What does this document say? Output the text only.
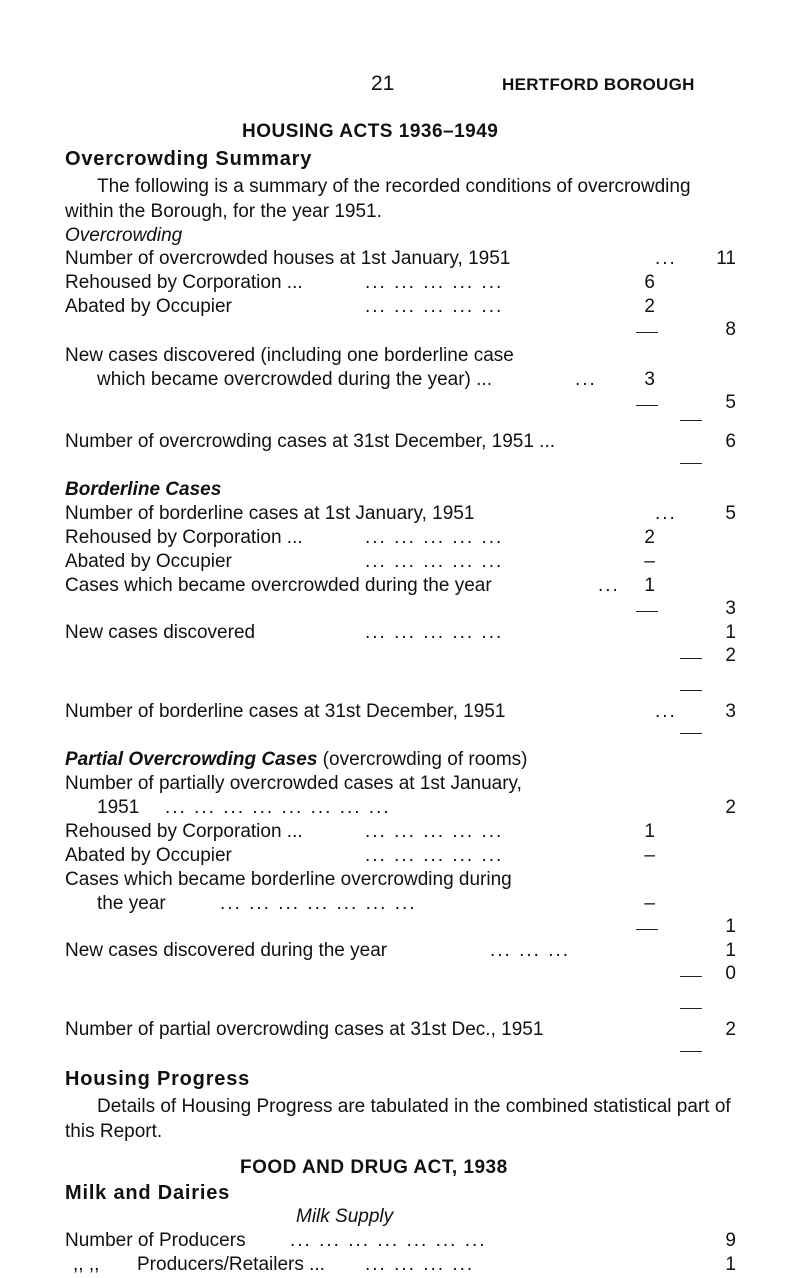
21	HERTFORD BOROUGH
HOUSING ACTS 1936–1949
Overcrowding Summary
The following is a summary of the recorded conditions of overcrowding within the Borough, for the year 1951.
Overcrowding
Number of overcrowded houses at 1st January, 1951	...	11
Rehoused by Corporation ...	... ... ... ... ...	6
Abated by Occupier	... ... ... ... ...	2
8
New cases discovered (including one borderline case
which became overcrowded during the year) ...	...	3
5
Number of overcrowding cases at 31st December, 1951 ...	6
Borderline Cases
Number of borderline cases at 1st January, 1951	...	5
Rehoused by Corporation ...	... ... ... ... ...	2
Abated by Occupier	... ... ... ... ...	–
Cases which became overcrowded during the year	...	1
3
New cases discovered	... ... ... ... ...	1
2
Number of borderline cases at 31st December, 1951	...	3
Partial Overcrowding Cases (overcrowding of rooms)
Number of partially overcrowded cases at 1st January,
1951 ... ... ... ... ... ... ... ...	2
Rehoused by Corporation ...	... ... ... ... ...	1
Abated by Occupier	... ... ... ... ...	–
Cases which became borderline overcrowding during
the year	... ... ... ... ... ... ...	–
1
New cases discovered during the year	... ... ...	1
0
Number of partial overcrowding cases at 31st Dec., 1951	2
Housing Progress
Details of Housing Progress are tabulated in the combined statistical part of this Report.
FOOD AND DRUG ACT, 1938
Milk and Dairies
Milk Supply
Number of Producers ... ... ... ... ... ... ...	9
,, ,, Producers/Retailers ... ... ... ... ...	1
